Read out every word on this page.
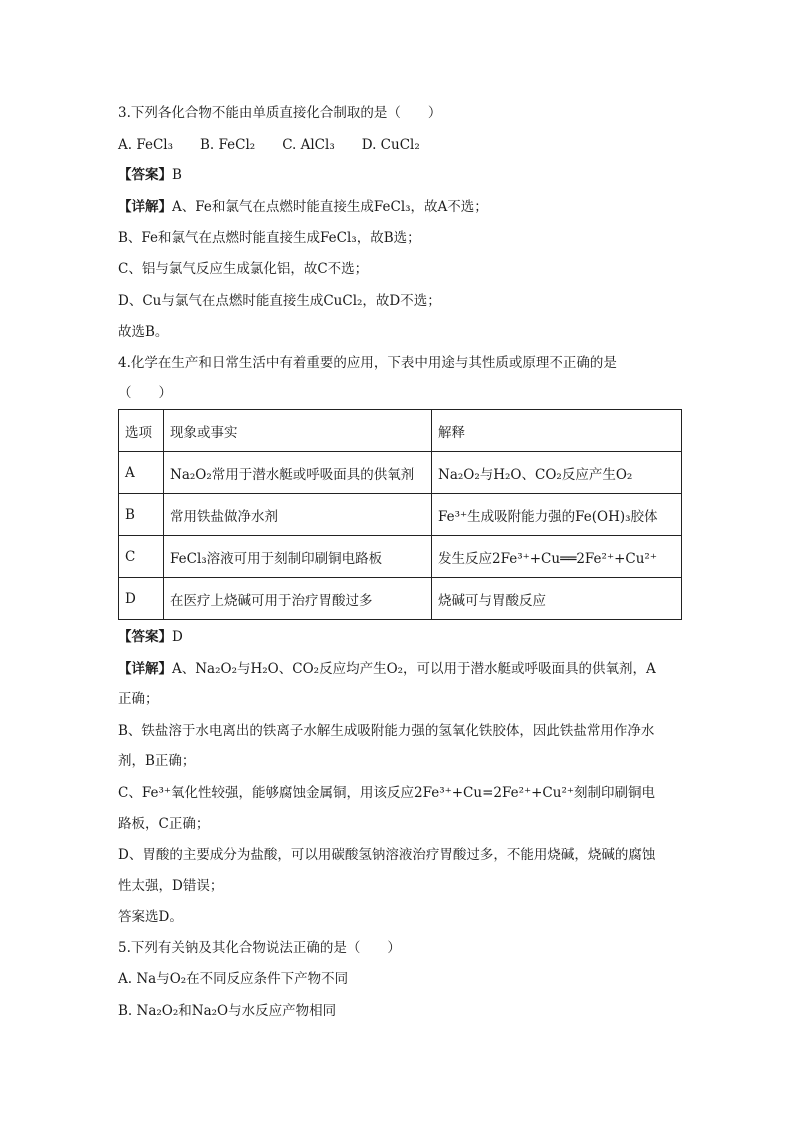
3.下列各化合物不能由单质直接化合制取的是（　　）
A. FeCl₃　　B. FeCl₂　　C. AlCl₃　　D. CuCl₂
【答案】B
【详解】A、Fe和氯气在点燃时能直接生成FeCl₃，故A不选；
B、Fe和氯气在点燃时能直接生成FeCl₃，故B选；
C、铝与氯气反应生成氯化铝，故C不选；
D、Cu与氯气在点燃时能直接生成CuCl₂，故D不选；
故选B。
4.化学在生产和日常生活中有着重要的应用，下表中用途与其性质或原理不正确的是
（　　）
选项	现象或事实	解释
A	Na₂O₂常用于潜水艇或呼吸面具的供氧剂	Na₂O₂与H₂O、CO₂反应产生O₂
B	常用铁盐做净水剂	Fe³⁺生成吸附能力强的Fe(OH)₃胶体
C	FeCl₃溶液可用于刻制印刷铜电路板	发生反应2Fe³⁺+Cu══2Fe²⁺+Cu²⁺
D	在医疗上烧碱可用于治疗胃酸过多	烧碱可与胃酸反应
【答案】D
【详解】A、Na₂O₂与H₂O、CO₂反应均产生O₂，可以用于潜水艇或呼吸面具的供氧剂，A
正确；
B、铁盐溶于水电离出的铁离子水解生成吸附能力强的氢氧化铁胶体，因此铁盐常用作净水
剂，B正确；
C、Fe³⁺氧化性较强，能够腐蚀金属铜，用该反应2Fe³⁺+Cu=2Fe²⁺+Cu²⁺刻制印刷铜电
路板，C正确；
D、胃酸的主要成分为盐酸，可以用碳酸氢钠溶液治疗胃酸过多，不能用烧碱，烧碱的腐蚀
性太强，D错误；
答案选D。
5.下列有关钠及其化合物说法正确的是（　　）
A. Na与O₂在不同反应条件下产物不同
B. Na₂O₂和Na₂O与水反应产物相同
